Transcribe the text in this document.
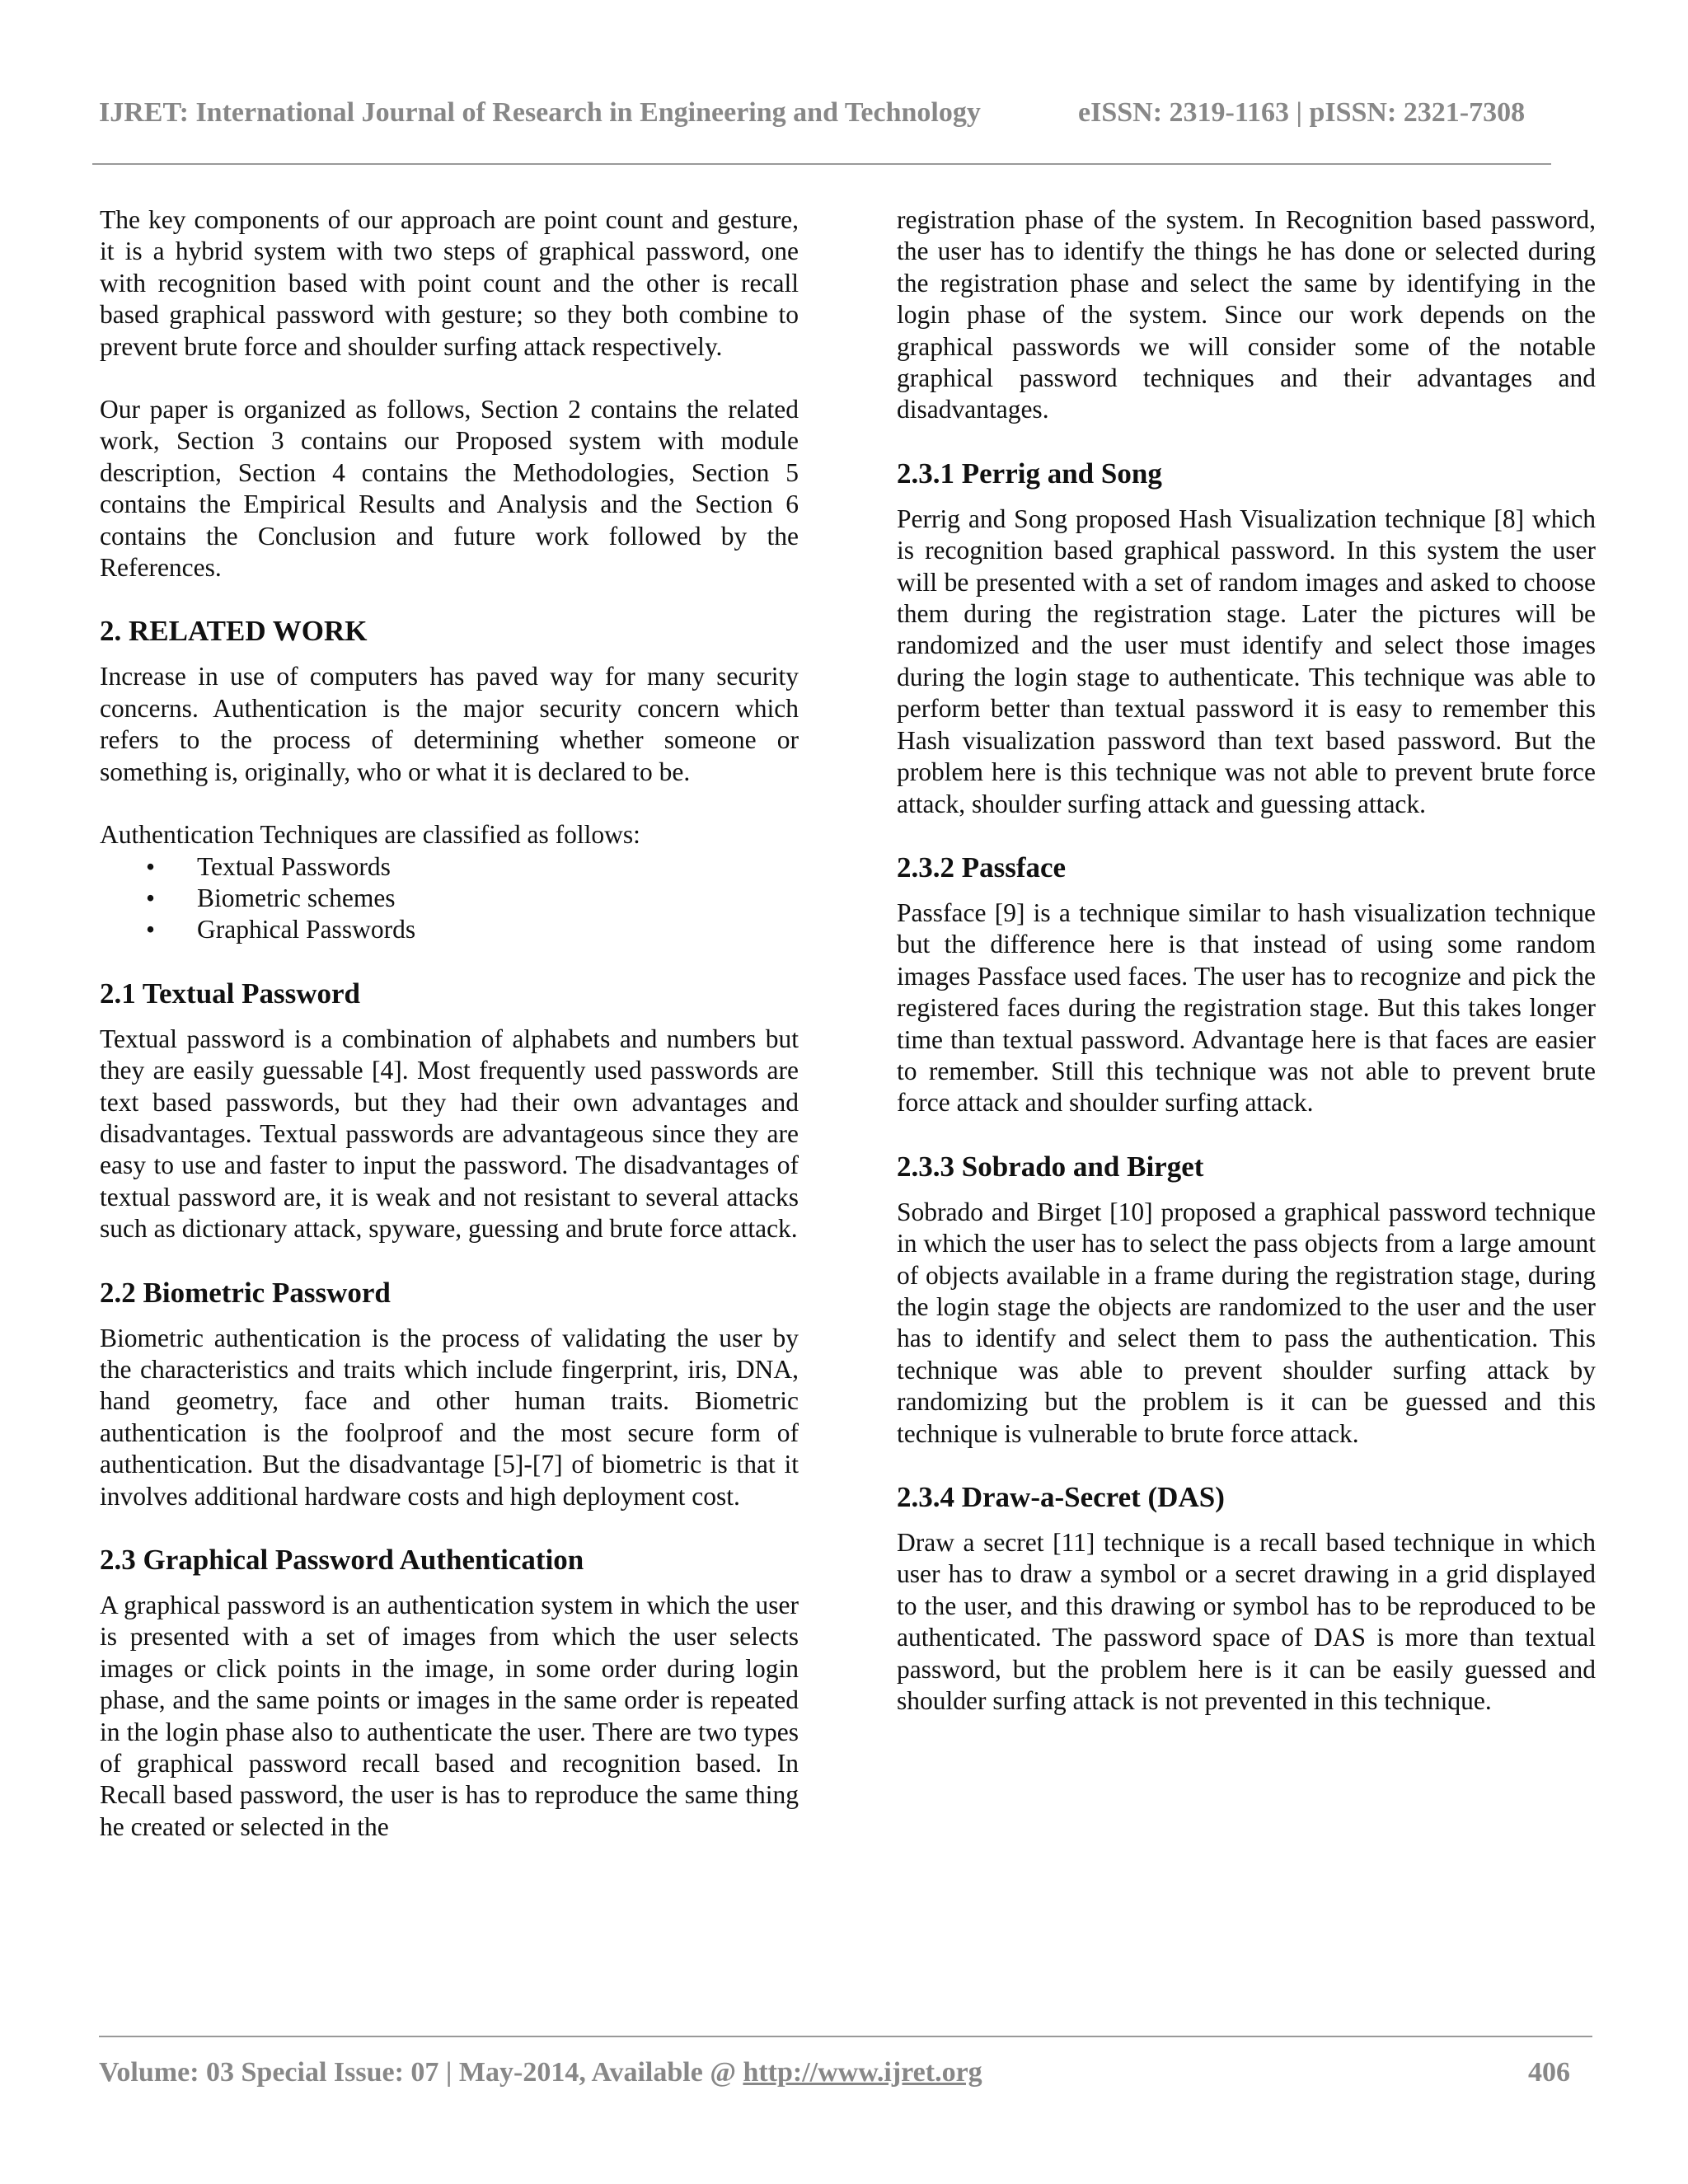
IJRET: International Journal of Research in Engineering and Technology	eISSN: 2319-1163 | pISSN: 2321-7308

The key components of our approach are point count and gesture, it is a hybrid system with two steps of graphical password, one with recognition based with point count and the other is recall based graphical password with gesture; so they both combine to prevent brute force and shoulder surfing attack respectively.

Our paper is organized as follows, Section 2 contains the related work, Section 3 contains our Proposed system with module description, Section 4 contains the Methodologies, Section 5 contains the Empirical Results and Analysis and the Section 6 contains the Conclusion and future work followed by the References.

2. RELATED WORK

Increase in use of computers has paved way for many security concerns. Authentication is the major security concern which refers to the process of determining whether someone or something is, originally, who or what it is declared to be.

Authentication Techniques are classified as follows:

• Textual Passwords
• Biometric schemes
• Graphical Passwords
2.1 Textual Password

Textual password is a combination of alphabets and numbers but they are easily guessable [4]. Most frequently used passwords are text based passwords, but they had their own advantages and disadvantages. Textual passwords are advantageous since they are easy to use and faster to input the password. The disadvantages of textual password are, it is weak and not resistant to several attacks such as dictionary attack, spyware, guessing and brute force attack.

2.2 Biometric Password

Biometric authentication is the process of validating the user by the characteristics and traits which include fingerprint, iris, DNA, hand geometry, face and other human traits. Biometric authentication is the foolproof and the most secure form of authentication. But the disadvantage [5]-[7] of biometric is that it involves additional hardware costs and high deployment cost.

2.3 Graphical Password Authentication

A graphical password is an authentication system in which the user is presented with a set of images from which the user selects images or click points in the image, in some order during login phase, and the same points or images in the same order is repeated in the login phase also to authenticate the user. There are two types of graphical password recall based and recognition based. In Recall based password, the user is has to reproduce the same thing he created or selected in the

registration phase of the system. In Recognition based password, the user has to identify the things he has done or selected during the registration phase and select the same by identifying in the login phase of the system. Since our work depends on the graphical passwords we will consider some of the notable graphical password techniques and their advantages and disadvantages.

2.3.1 Perrig and Song

Perrig and Song proposed Hash Visualization technique [8] which is recognition based graphical password. In this system the user will be presented with a set of random images and asked to choose them during the registration stage. Later the pictures will be randomized and the user must identify and select those images during the login stage to authenticate. This technique was able to perform better than textual password it is easy to remember this Hash visualization password than text based password. But the problem here is this technique was not able to prevent brute force attack, shoulder surfing attack and guessing attack.

2.3.2 Passface

Passface [9] is a technique similar to hash visualization technique but the difference here is that instead of using some random images Passface used faces. The user has to recognize and pick the registered faces during the registration stage. But this takes longer time than textual password. Advantage here is that faces are easier to remember. Still this technique was not able to prevent brute force attack and shoulder surfing attack.

2.3.3 Sobrado and Birget

Sobrado and Birget [10] proposed a graphical password technique in which the user has to select the pass objects from a large amount of objects available in a frame during the registration stage, during the login stage the objects are randomized to the user and the user has to identify and select them to pass the authentication. This technique was able to prevent shoulder surfing attack by randomizing but the problem is it can be guessed and this technique is vulnerable to brute force attack.

2.3.4 Draw-a-Secret (DAS)

Draw a secret [11] technique is a recall based technique in which user has to draw a symbol or a secret drawing in a grid displayed to the user, and this drawing or symbol has to be reproduced to be authenticated. The password space of DAS is more than textual password, but the problem here is it can be easily guessed and shoulder surfing attack is not prevented in this technique.

Volume: 03 Special Issue: 07 | May-2014, Available @ http://www.ijret.org	406
